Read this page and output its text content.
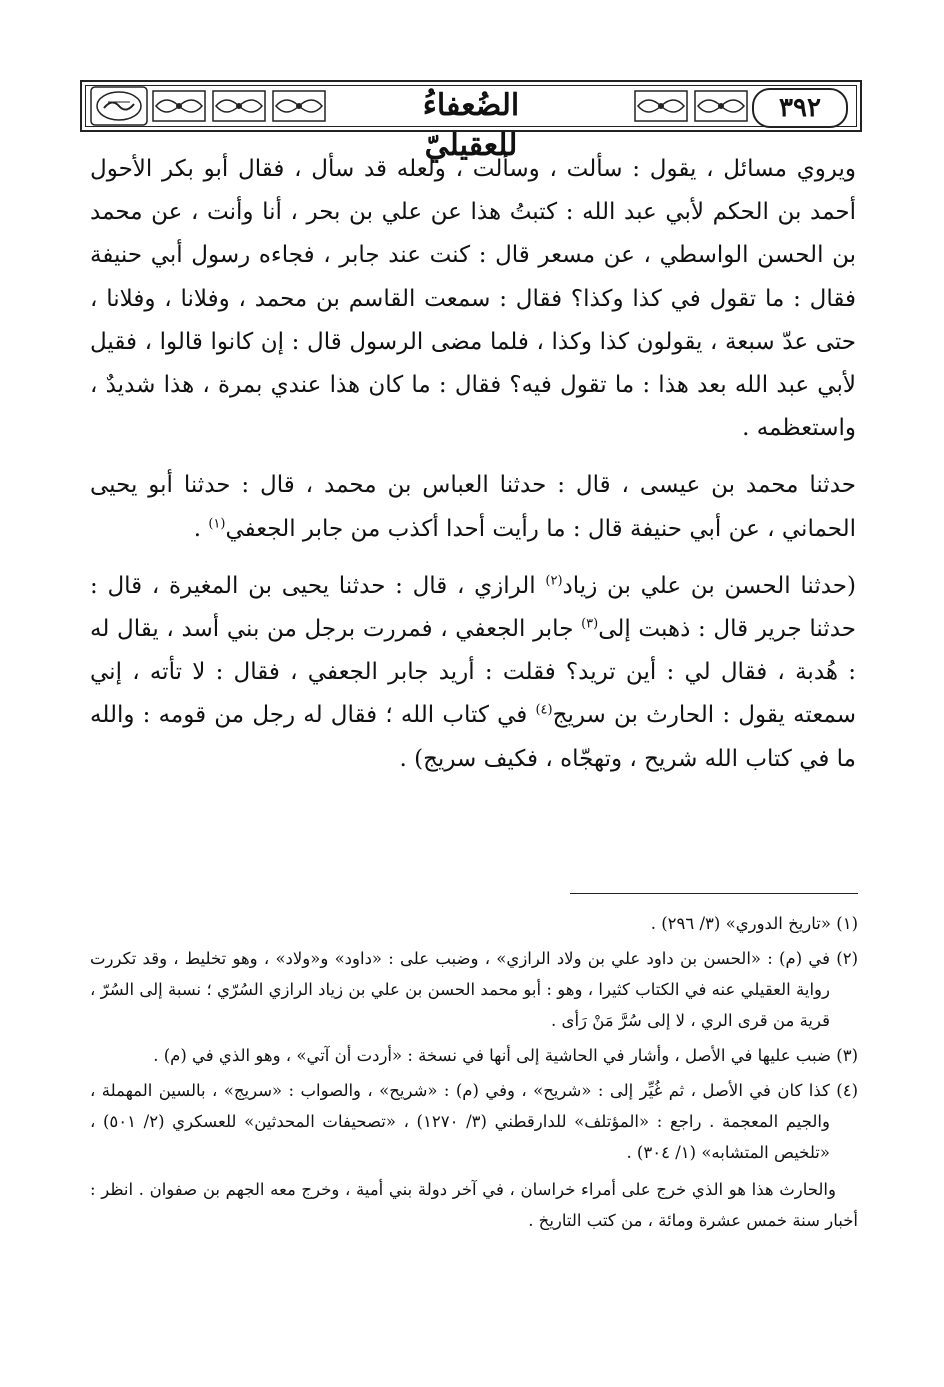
٣٩٢
الضُعفاءُ للعقيليّ

ويروي مسائل ، يقول : سألت ، وسألت ، ولعله قد سأل ، فقال أبو بكر الأحول أحمد بن الحكم لأبي عبد الله : كتبتُ هذا عن علي بن بحر ، أنا وأنت ، عن محمد بن الحسن الواسطي ، عن مسعر قال : كنت عند جابر ، فجاءه رسول أبي حنيفة فقال : ما تقول في كذا وكذا؟ فقال : سمعت القاسم بن محمد ، وفلانا ، وفلانا ، حتى عدّ سبعة ، يقولون كذا وكذا ، فلما مضى الرسول قال : إن كانوا قالوا ، فقيل لأبي عبد الله بعد هذا : ما تقول فيه؟ فقال : ما كان هذا عندي بمرة ، هذا شديدٌ ، واستعظمه .

حدثنا محمد بن عيسى ، قال : حدثنا العباس بن محمد ، قال : حدثنا أبو يحيى الحماني ، عن أبي حنيفة قال : ما رأيت أحدا أكذب من جابر الجعفي$^{(١)}$ .

(حدثنا الحسن بن علي بن زياد$^{(٢)}$ الرازي ، قال : حدثنا يحيى بن المغيرة ، قال : حدثنا جرير قال : ذهبت إلى$^{(٣)}$ جابر الجعفي ، فمررت برجل من بني أسد ، يقال له : هُدبة ، فقال لي : أين تريد؟ فقلت : أريد جابر الجعفي ، فقال : لا تأته ، إني سمعته يقول : الحارث بن سريج$^{(٤)}$ في كتاب الله ؛ فقال له رجل من قومه : والله ما في كتاب الله شريح ، وتهجّاه ، فكيف سريج) .

(١) «تاريخ الدوري» (٣/ ٢٩٦) .

(٢) في (م) : «الحسن بن داود علي بن ولاد الرازي» ، وضبب على : «داود» و«ولاد» ، وهو تخليط ، وقد تكررت رواية العقيلي عنه في الكتاب كثيرا ، وهو : أبو محمد الحسن بن علي بن زياد الرازي السُرّي ؛ نسبة إلى السُرّ ، قرية من قرى الري ، لا إلى سُرَّ مَنْ رَأى .

(٣) ضبب عليها في الأصل ، وأشار في الحاشية إلى أنها في نسخة : «أردت أن آتي» ، وهو الذي في (م) .

(٤) كذا كان في الأصل ، ثم غُيِّر إلى : «شريح» ، وفي (م) : «شريح» ، والصواب : «سريج» ، بالسين المهملة ، والجيم المعجمة . راجع : «المؤتلف» للدارقطني (٣/ ١٢٧٠) ، «تصحيفات المحدثين» للعسكري (٢/ ٥٠١) ، «تلخيص المتشابه» (١/ ٣٠٤) .

والحارث هذا هو الذي خرج على أمراء خراسان ، في آخر دولة بني أمية ، وخرج معه الجهم بن صفوان . انظر : أخبار سنة خمس عشرة ومائة ، من كتب التاريخ .
